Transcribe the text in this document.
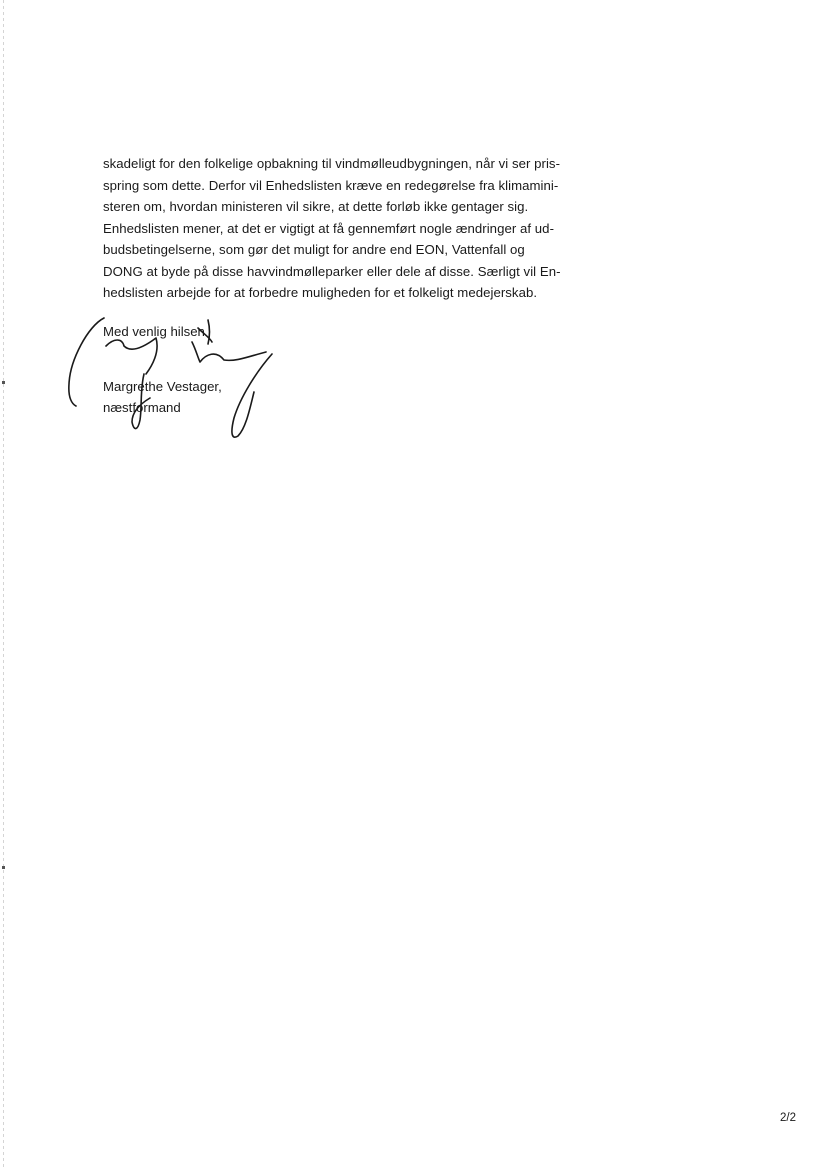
skadeligt for den folkelige opbakning til vindmølleudbygningen, når vi ser pris-
spring som dette. Derfor vil Enhedslisten kræve en redegørelse fra klimamini-
steren om, hvordan ministeren vil sikre, at dette forløb ikke gentager sig.
Enhedslisten mener, at det er vigtigt at få gennemført nogle ændringer af ud-
budsbetingelserne, som gør det muligt for andre end EON, Vattenfall og
DONG at byde på disse havvindmølleparker eller dele af disse. Særligt vil En-
hedslisten arbejde for at forbedre muligheden for et folkeligt medejerskab.

Med venlig hilsen

Margrethe Vestager,
næstformand
2/2
